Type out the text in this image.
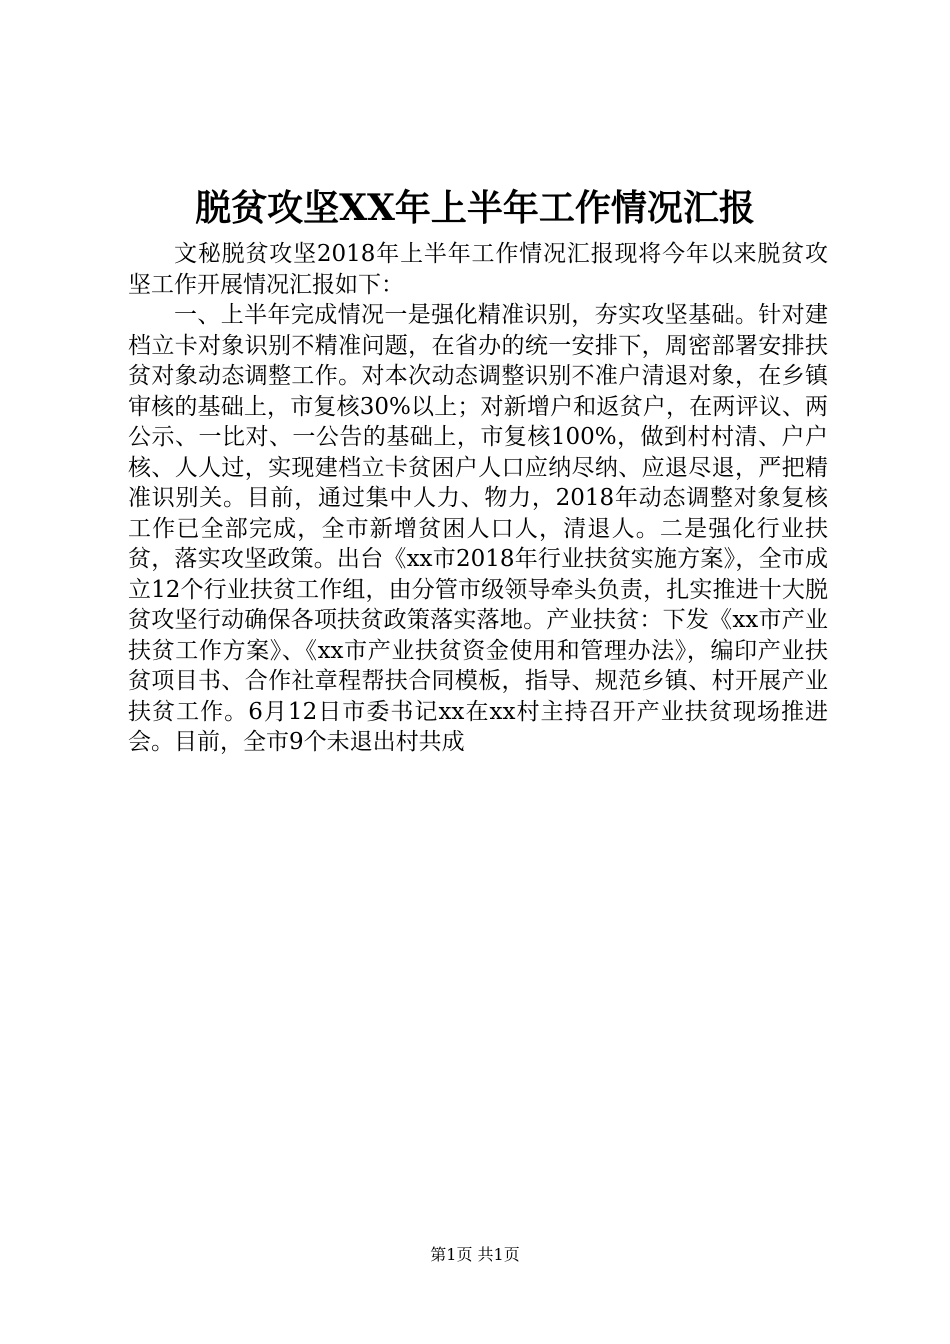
脱贫攻坚XX年上半年工作情况汇报

文秘脱贫攻坚2018年上半年工作情况汇报现将今年以来脱贫攻坚工作开展情况汇报如下：

一、上半年完成情况一是强化精准识别，夯实攻坚基础。针对建档立卡对象识别不精准问题，在省办的统一安排下，周密部署安排扶贫对象动态调整工作。对本次动态调整识别不准户清退对象，在乡镇审核的基础上，市复核30%以上；对新增户和返贫户，在两评议、两公示、一比对、一公告的基础上，市复核100%，做到村村清、户户核、人人过，实现建档立卡贫困户人口应纳尽纳、应退尽退，严把精准识别关。目前，通过集中人力、物力，2018年动态调整对象复核工作已全部完成，全市新增贫困人口人，清退人。二是强化行业扶贫，落实攻坚政策。出台《xx市2018年行业扶贫实施方案》，全市成立12个行业扶贫工作组，由分管市级领导牵头负责，扎实推进十大脱贫攻坚行动确保各项扶贫政策落实落地。产业扶贫：下发《xx市产业扶贫工作方案》、《xx市产业扶贫资金使用和管理办法》，编印产业扶贫项目书、合作社章程帮扶合同模板，指导、规范乡镇、村开展产业扶贫工作。6月12日市委书记xx在xx村主持召开产业扶贫现场推进会。目前，全市9个未退出村共成

第1页 共1页
